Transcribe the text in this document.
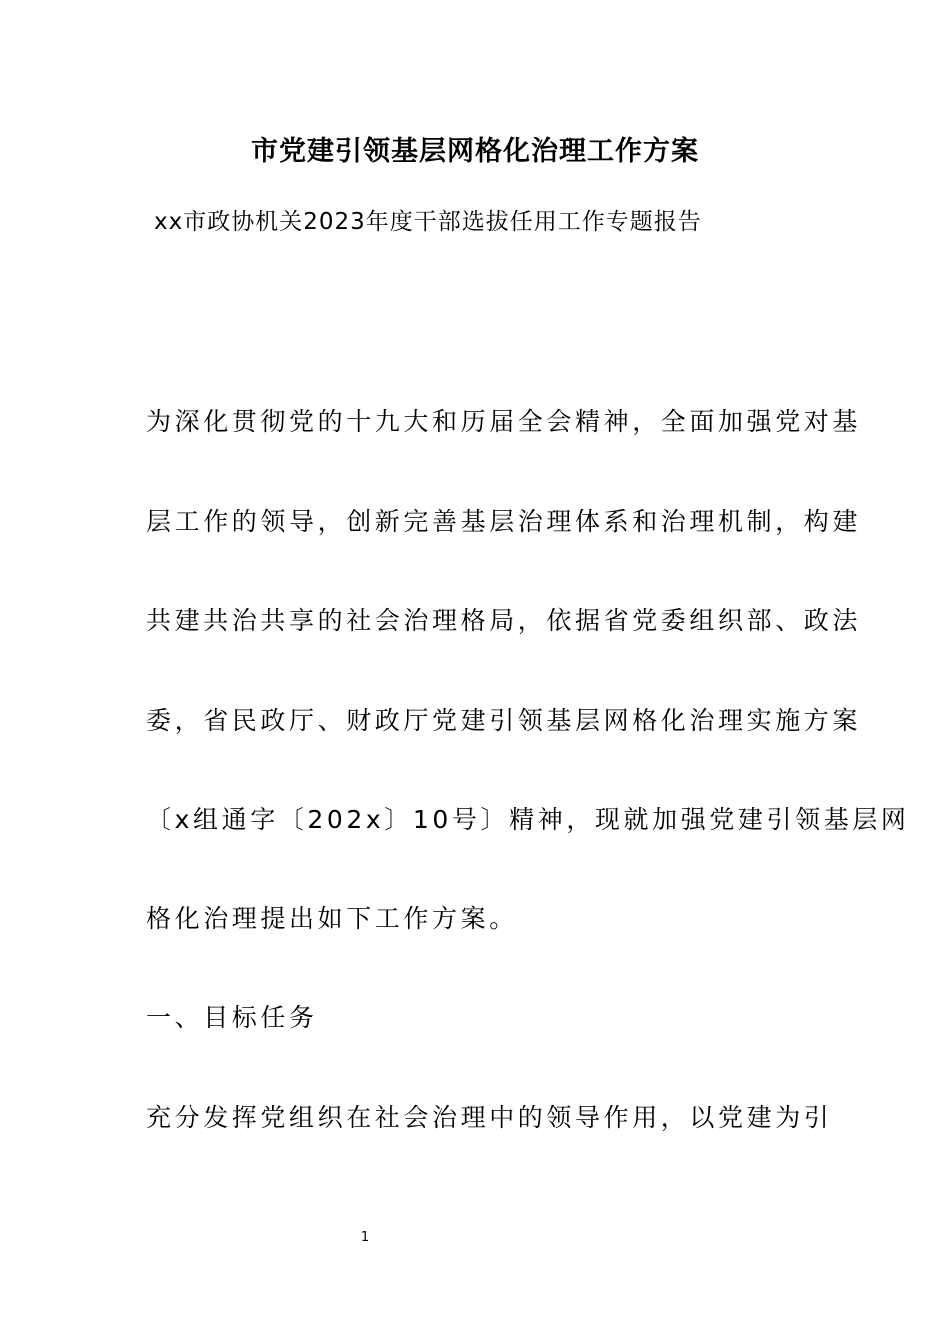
市党建引领基层网格化治理工作方案
xx市政协机关2023年度干部选拔任用工作专题报告
为深化贯彻党的十九大和历届全会精神，全面加强党对基
层工作的领导，创新完善基层治理体系和治理机制，构建
共建共治共享的社会治理格局，依据省党委组织部、政法
委，省民政厅、财政厅党建引领基层网格化治理实施方案
〔x组通字〔202x〕10号〕精神，现就加强党建引领基层网
格化治理提出如下工作方案。
一、目标任务
充分发挥党组织在社会治理中的领导作用，以党建为引
1
